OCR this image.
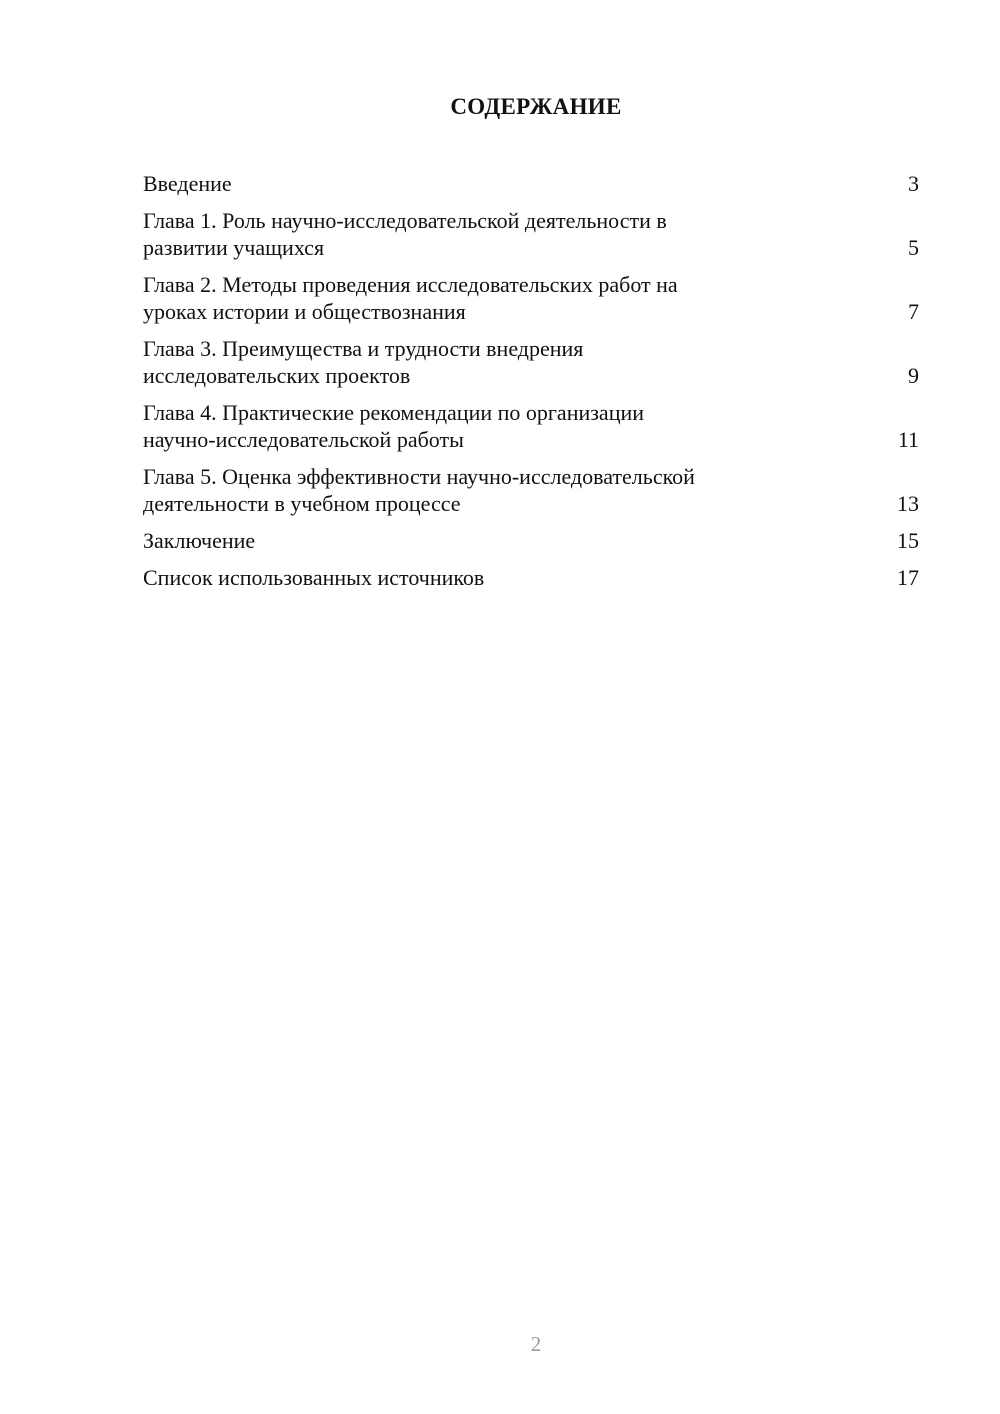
СОДЕРЖАНИЕ
Введение	3
Глава 1. Роль научно-исследовательской деятельности в
развитии учащихся	5
Глава 2. Методы проведения исследовательских работ на
уроках истории и обществознания	7
Глава 3. Преимущества и трудности внедрения
исследовательских проектов	9
Глава 4. Практические рекомендации по организации
научно-исследовательской работы	11
Глава 5. Оценка эффективности научно-исследовательской
деятельности в учебном процессе	13
Заключение	15
Список использованных источников	17
2
